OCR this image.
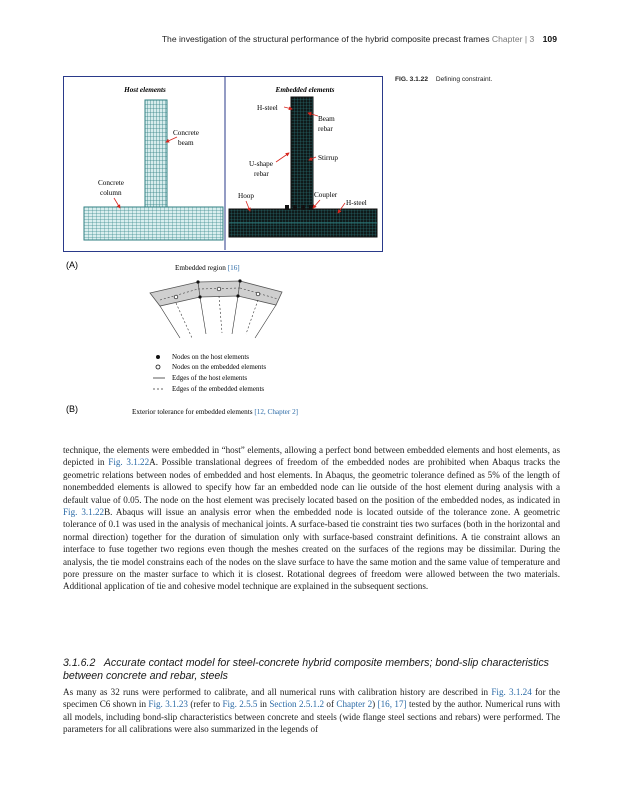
The investigation of the structural performance of the hybrid composite precast frames Chapter | 3 109
FIG. 3.1.22 Defining constraint.
Host elements
Concrete
beam
Concrete
column
Embedded elements
H-steel
Beam
rebar
Stirrup
U-shape
rebar
Hoop	Coupler
H-steel
(A)	Embedded region [16]
Nodes on the host elements
Nodes on the embedded elements
Edges of the host elements
Edges of the embedded elements
(B)	Exterior tolerance for embedded elements [12, Chapter 2]
technique, the elements were embedded in “host” elements, allowing a perfect bond between embedded elements and host elements, as depicted in Fig. 3.1.22A. Possible translational degrees of freedom of the embedded nodes are prohibited when Abaqus tracks the geometric relations between nodes of embedded and host elements. In Abaqus, the geometric tolerance defined as 5% of the length of nonembedded elements is allowed to specify how far an embedded node can lie outside of the host element during analysis with a default value of 0.05. The node on the host element was precisely located based on the position of the embedded nodes, as indicated in Fig. 3.1.22B. Abaqus will issue an analysis error when the embedded node is located outside of the tolerance zone. A geometric tolerance of 0.1 was used in the analysis of mechanical joints. A surface-based tie constraint ties two surfaces (both in the horizontal and normal direction) together for the duration of simulation only with surface-based constraint definitions. A tie constraint allows an interface to fuse together two regions even though the meshes created on the surfaces of the regions may be dissimilar. During the analysis, the tie model constrains each of the nodes on the slave surface to have the same motion and the same value of temperature and pore pressure on the master surface to which it is closest. Rotational degrees of freedom were allowed between the two materials. Additional application of tie and cohesive model technique are explained in the subsequent sections.
3.1.6.2 Accurate contact model for steel-concrete hybrid composite members; bond-slip characteristics between concrete and rebar, steels
As many as 32 runs were performed to calibrate, and all numerical runs with calibration history are described in Fig. 3.1.24 for the specimen C6 shown in Fig. 3.1.23 (refer to Fig. 2.5.5 in Section 2.5.1.2 of Chapter 2) [16, 17] tested by the author. Numerical runs with all models, including bond-slip characteristics between concrete and steels (wide flange steel sections and rebars) were performed. The parameters for all calibrations were also summarized in the legends of
